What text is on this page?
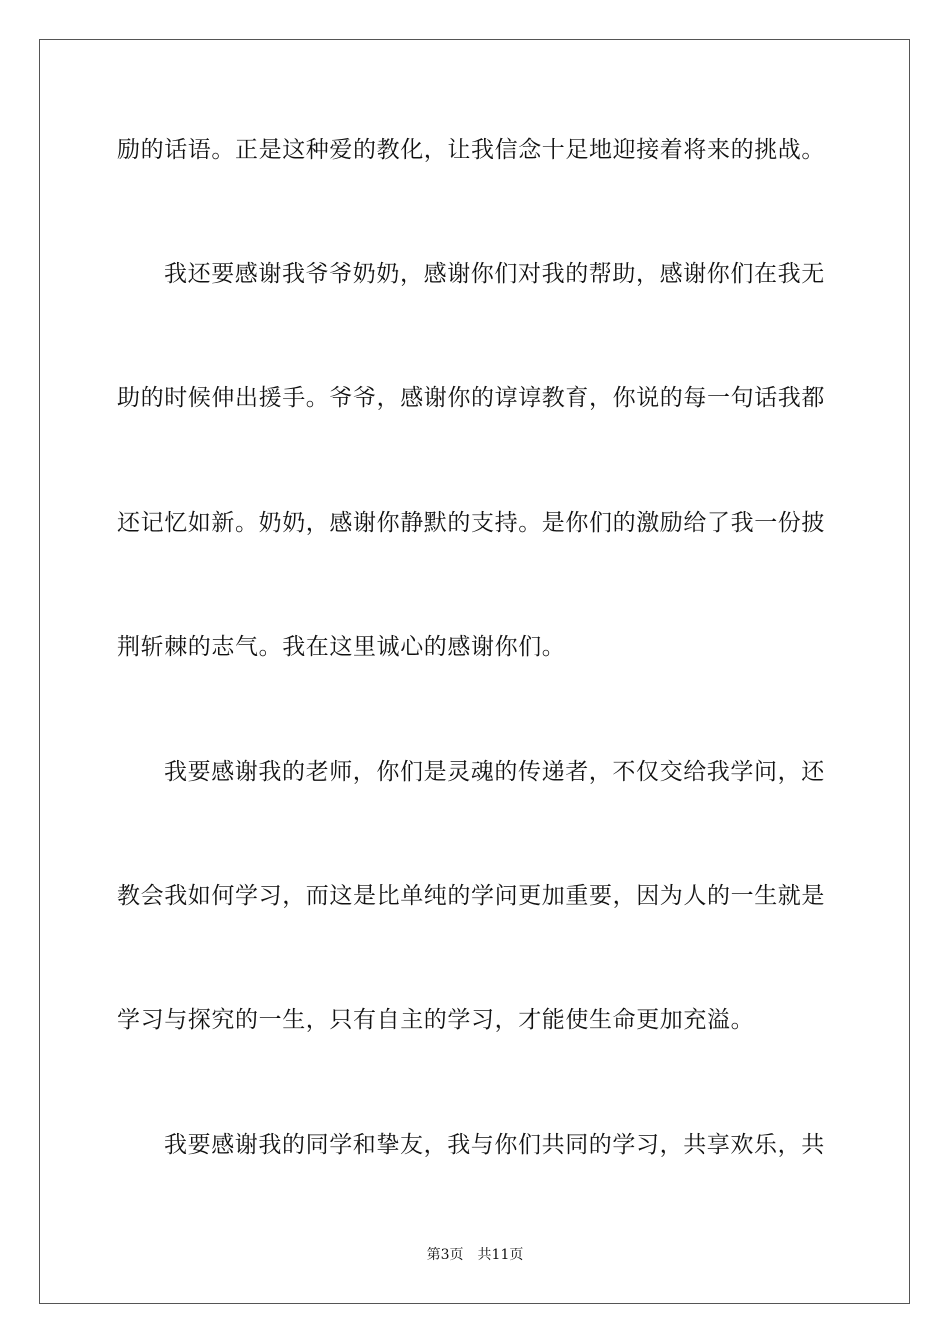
励的话语。正是这种爱的教化，让我信念十足地迎接着将来的挑战。
我还要感谢我爷爷奶奶，感谢你们对我的帮助，感谢你们在我无
助的时候伸出援手。爷爷，感谢你的谆谆教育，你说的每一句话我都
还记忆如新。奶奶，感谢你静默的支持。是你们的激励给了我一份披
荆斩棘的志气。我在这里诚心的感谢你们。
我要感谢我的老师，你们是灵魂的传递者，不仅交给我学问，还
教会我如何学习，而这是比单纯的学问更加重要，因为人的一生就是
学习与探究的一生，只有自主的学习，才能使生命更加充溢。
我要感谢我的同学和挚友，我与你们共同的学习，共享欢乐，共
第3页 共11页
